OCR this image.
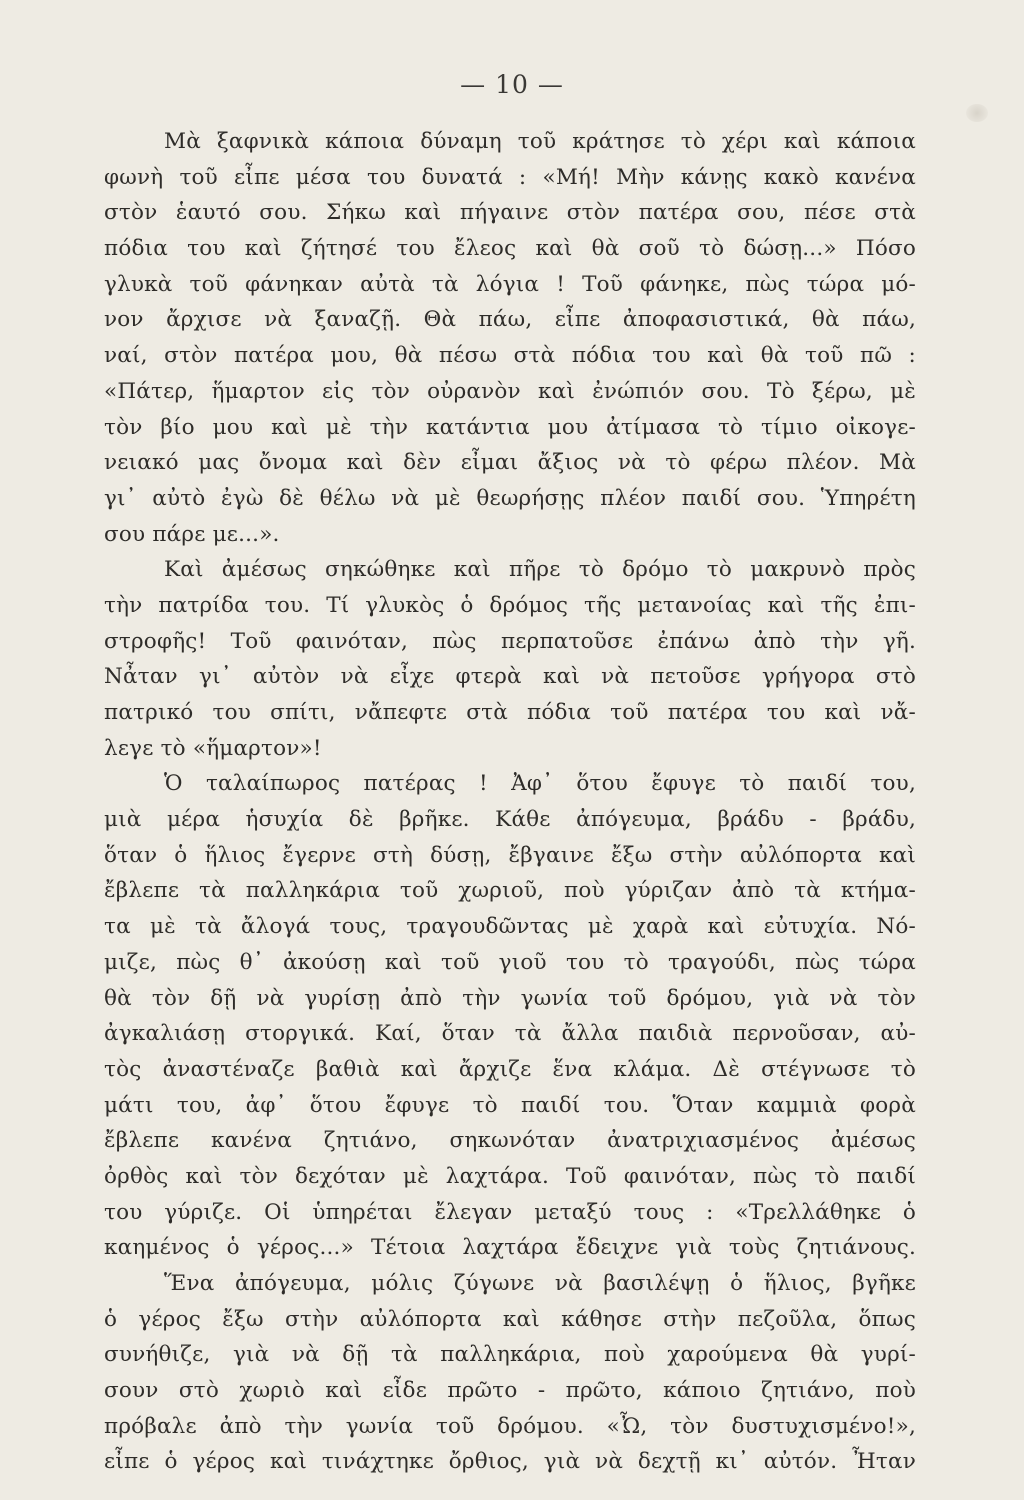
— 10 —
Μὰ ξαφνικὰ κάποια δύναμη τοῦ κράτησε τὸ χέρι καὶ κάποια
φωνὴ τοῦ εἶπε μέσα του δυνατά : «Μή! Μὴν κάνῃς κακὸ κανένα
στὸν ἑαυτό σου. Σήκω καὶ πήγαινε στὸν πατέρα σου, πέσε στὰ
πόδια του καὶ ζήτησέ του ἔλεος καὶ θὰ σοῦ τὸ δώσῃ...» Πόσο
γλυκὰ τοῦ φάνηκαν αὐτὰ τὰ λόγια ! Τοῦ φάνηκε, πὼς τώρα μό-
νον ἄρχισε νὰ ξαναζῇ. Θὰ πάω, εἶπε ἀποφασιστικά, θὰ πάω,
ναί, στὸν πατέρα μου, θὰ πέσω στὰ πόδια του καὶ θὰ τοῦ πῶ :
«Πάτερ, ἥμαρτον εἰς τὸν οὐρανὸν καὶ ἐνώπιόν σου. Τὸ ξέρω, μὲ
τὸν βίο μου καὶ μὲ τὴν κατάντια μου ἀτίμασα τὸ τίμιο οἰκογε-
νειακό μας ὄνομα καὶ δὲν εἶμαι ἄξιος νὰ τὸ φέρω πλέον. Μὰ
γι᾿ αὐτὸ ἐγὼ δὲ θέλω νὰ μὲ θεωρήσῃς πλέον παιδί σου. Ὑπηρέτη
σου πάρε με...».
Καὶ ἀμέσως σηκώθηκε καὶ πῆρε τὸ δρόμο τὸ μακρυνὸ πρὸς
τὴν πατρίδα του. Τί γλυκὸς ὁ δρόμος τῆς μετανοίας καὶ τῆς ἐπι-
στροφῆς! Τοῦ φαινόταν, πὼς περπατοῦσε ἐπάνω ἀπὸ τὴν γῆ.
Νἆταν γι᾿ αὐτὸν νὰ εἶχε φτερὰ καὶ νὰ πετοῦσε γρήγορα στὸ
πατρικό του σπίτι, νἄπεφτε στὰ πόδια τοῦ πατέρα του καὶ νἄ-
λεγε τὸ «ἥμαρτον»!
Ὁ ταλαίπωρος πατέρας ! Ἀφ᾿ ὅτου ἔφυγε τὸ παιδί του,
μιὰ μέρα ἡσυχία δὲ βρῆκε. Κάθε ἀπόγευμα, βράδυ - βράδυ,
ὅταν ὁ ἥλιος ἔγερνε στὴ δύσῃ, ἔβγαινε ἔξω στὴν αὐλόπορτα καὶ
ἔβλεπε τὰ παλληκάρια τοῦ χωριοῦ, ποὺ γύριζαν ἀπὸ τὰ κτήμα-
τα μὲ τὰ ἄλογά τους, τραγουδῶντας μὲ χαρὰ καὶ εὐτυχία. Νό-
μιζε, πὼς θ᾿ ἀκούσῃ καὶ τοῦ γιοῦ του τὸ τραγούδι, πὼς τώρα
θὰ τὸν δῇ νὰ γυρίσῃ ἀπὸ τὴν γωνία τοῦ δρόμου, γιὰ νὰ τὸν
ἀγκαλιάσῃ στοργικά. Καί, ὅταν τὰ ἄλλα παιδιὰ περνοῦσαν, αὐ-
τὸς ἀναστέναζε βαθιὰ καὶ ἄρχιζε ἕνα κλάμα. Δὲ στέγνωσε τὸ
μάτι του, ἀφ᾿ ὅτου ἔφυγε τὸ παιδί του. Ὅταν καμμιὰ φορὰ
ἔβλεπε κανένα ζητιάνο, σηκωνόταν ἀνατριχιασμένος ἀμέσως
ὀρθὸς καὶ τὸν δεχόταν μὲ λαχτάρα. Τοῦ φαινόταν, πὼς τὸ παιδί
του γύριζε. Οἱ ὑπηρέται ἔλεγαν μεταξύ τους : «Τρελλάθηκε ὁ
καημένος ὁ γέρος...» Τέτοια λαχτάρα ἔδειχνε γιὰ τοὺς ζητιάνους.
Ἕνα ἀπόγευμα, μόλις ζύγωνε νὰ βασιλέψῃ ὁ ἥλιος, βγῆκε
ὁ γέρος ἔξω στὴν αὐλόπορτα καὶ κάθησε στὴν πεζοῦλα, ὅπως
συνήθιζε, γιὰ νὰ δῇ τὰ παλληκάρια, ποὺ χαρούμενα θὰ γυρί-
σουν στὸ χωριὸ καὶ εἶδε πρῶτο - πρῶτο, κάποιο ζητιάνο, ποὺ
πρόβαλε ἀπὸ τὴν γωνία τοῦ δρόμου. «Ὦ, τὸν δυστυχισμένο!»,
εἶπε ὁ γέρος καὶ τινάχτηκε ὄρθιος, γιὰ νὰ δεχτῇ κι᾿ αὐτόν. Ἦταν
